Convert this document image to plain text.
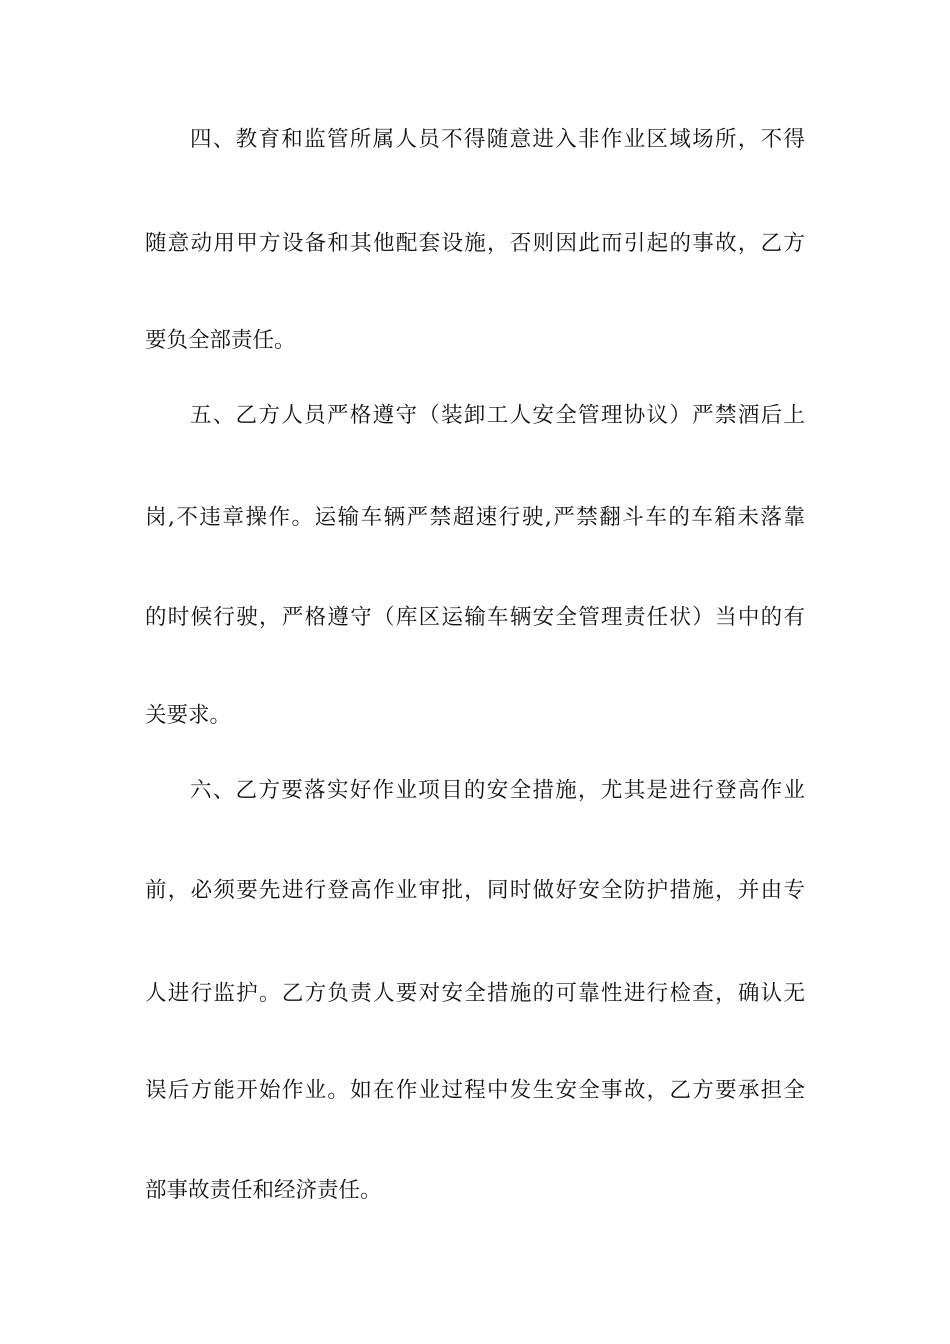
四、教育和监管所属人员不得随意进入非作业区域场所，不得
随意动用甲方设备和其他配套设施，否则因此而引起的事故，乙方
要负全部责任。
五、乙方人员严格遵守（装卸工人安全管理协议）严禁酒后上
岗,不违章操作。运输车辆严禁超速行驶,严禁翻斗车的车箱未落靠
的时候行驶，严格遵守（库区运输车辆安全管理责任状）当中的有
关要求。
六、乙方要落实好作业项目的安全措施，尤其是进行登高作业
前，必须要先进行登高作业审批，同时做好安全防护措施，并由专
人进行监护。乙方负责人要对安全措施的可靠性进行检查，确认无
误后方能开始作业。如在作业过程中发生安全事故，乙方要承担全
部事故责任和经济责任。
